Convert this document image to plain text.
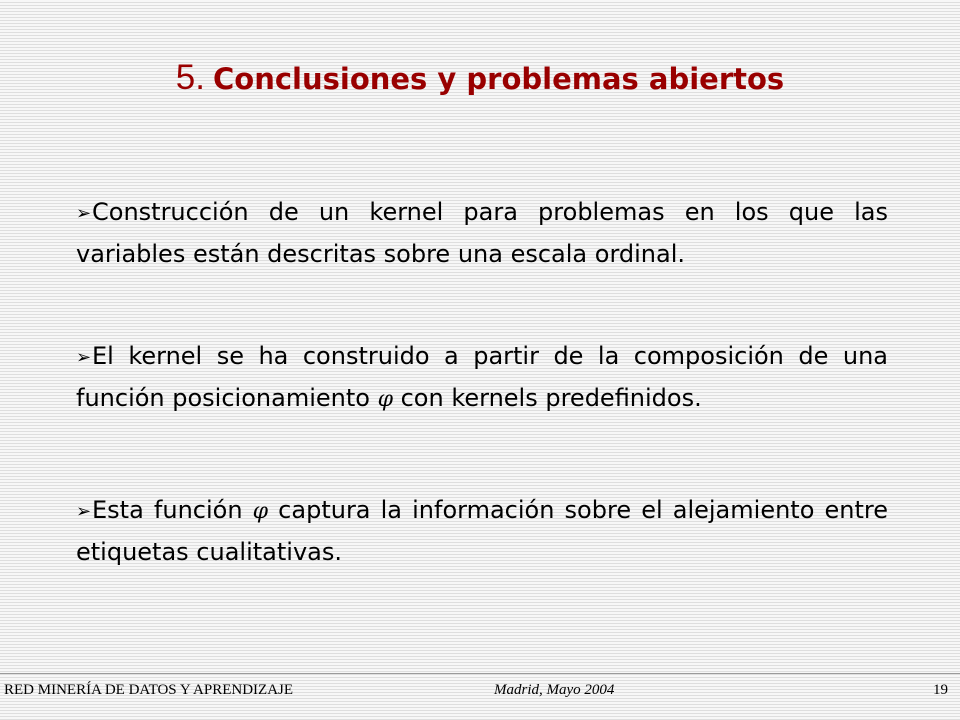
5. Conclusiones y problemas abiertos

➢Construcción de un kernel para problemas en los que las variables están descritas sobre una escala ordinal.

➢El kernel se ha construido a partir de la composición de una función posicionamiento φ con kernels predefinidos.

➢Esta función φ captura la información sobre el alejamiento entre etiquetas cualitativas.

RED MINERÍA DE DATOS Y APRENDIZAJE	Madrid, Mayo 2004	19
